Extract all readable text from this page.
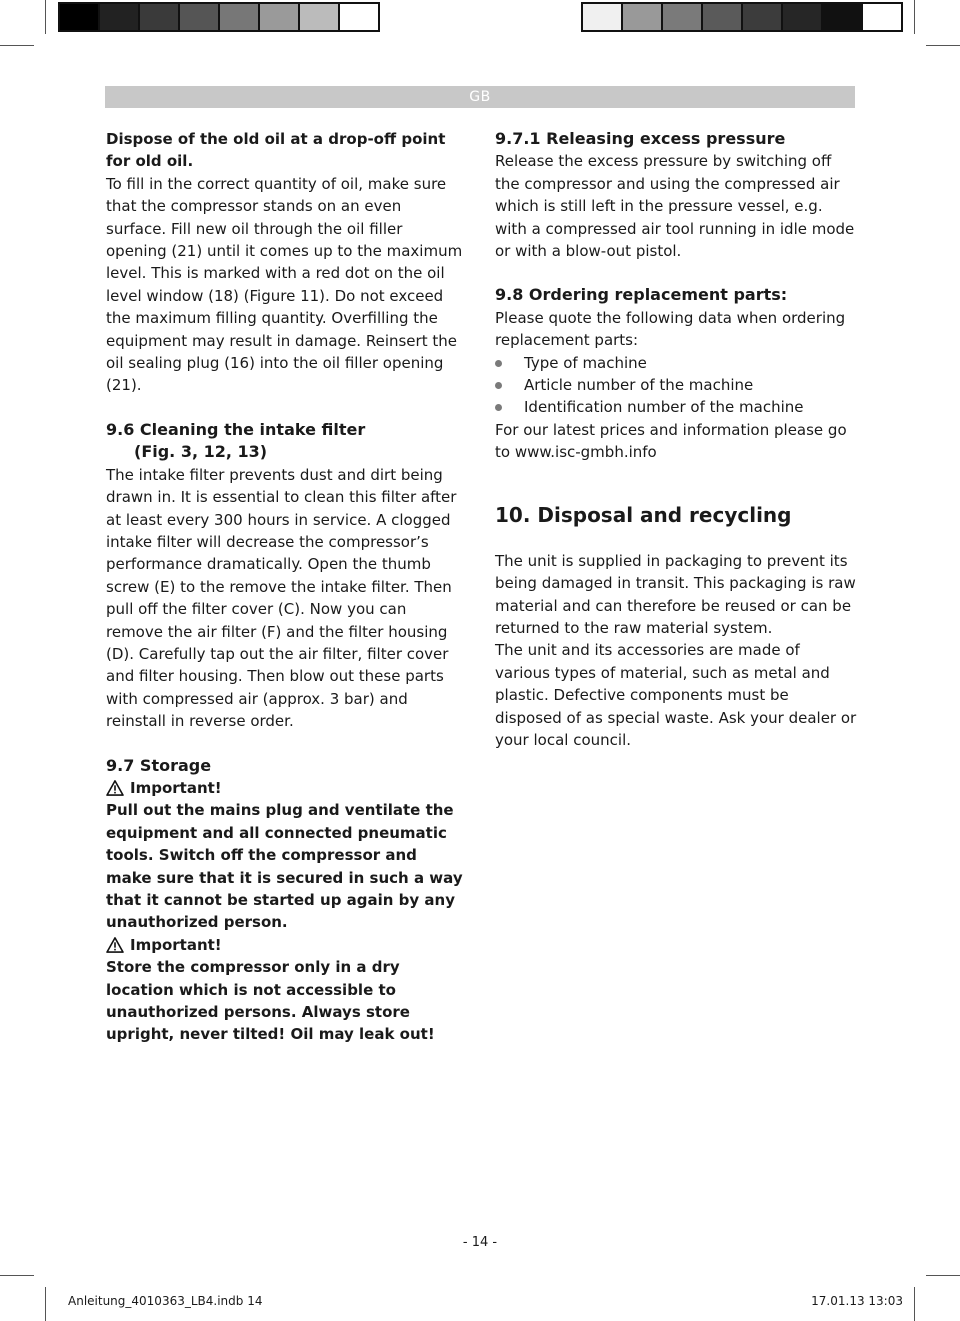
GB

Dispose of the old oil at a drop-off point for old oil.

To fill in the correct quantity of oil, make sure that the compressor stands on an even surface. Fill new oil through the oil filler opening (21) until it comes up to the maximum level. This is marked with a red dot on the oil level window (18) (Figure 11). Do not exceed the maximum filling quantity. Overfilling the equipment may result in damage. Reinsert the oil sealing plug (16) into the oil filler opening (21).

9.6 Cleaning the intake filter

(Fig. 3, 12, 13)

The intake filter prevents dust and dirt being drawn in. It is essential to clean this filter after at least every 300 hours in service. A clogged intake filter will decrease the compressor’s performance dramatically. Open the thumb screw (E) to the remove the intake filter. Then pull off the filter cover (C). Now you can remove the air filter (F) and the filter housing (D). Carefully tap out the air filter, filter cover and filter housing. Then blow out these parts with compressed air (approx. 3 bar) and reinstall in reverse order.

9.7 Storage

Important!

Pull out the mains plug and ventilate the equipment and all connected pneumatic tools. Switch off the compressor and make sure that it is secured in such a way that it cannot be started up again by any unauthorized person.

Important!

Store the compressor only in a dry location which is not accessible to unauthorized persons. Always store upright, never tilted! Oil may leak out!

9.7.1 Releasing excess pressure

Release the excess pressure by switching off the compressor and using the compressed air which is still left in the pressure vessel, e.g. with a compressed air tool running in idle mode or with a blow-out pistol.

9.8 Ordering replacement parts:

Please quote the following data when ordering replacement parts:

Type of machine
Article number of the machine
Identification number of the machine

For our latest prices and information please go to www.isc-gmbh.info

10. Disposal and recycling

The unit is supplied in packaging to prevent its being damaged in transit. This packaging is raw material and can therefore be reused or can be returned to the raw material system.

The unit and its accessories are made of various types of material, such as metal and plastic. Defective components must be disposed of as special waste. Ask your dealer or your local council.

- 14 -
Anleitung_4010363_LB4.indb 14	17.01.13 13:03
